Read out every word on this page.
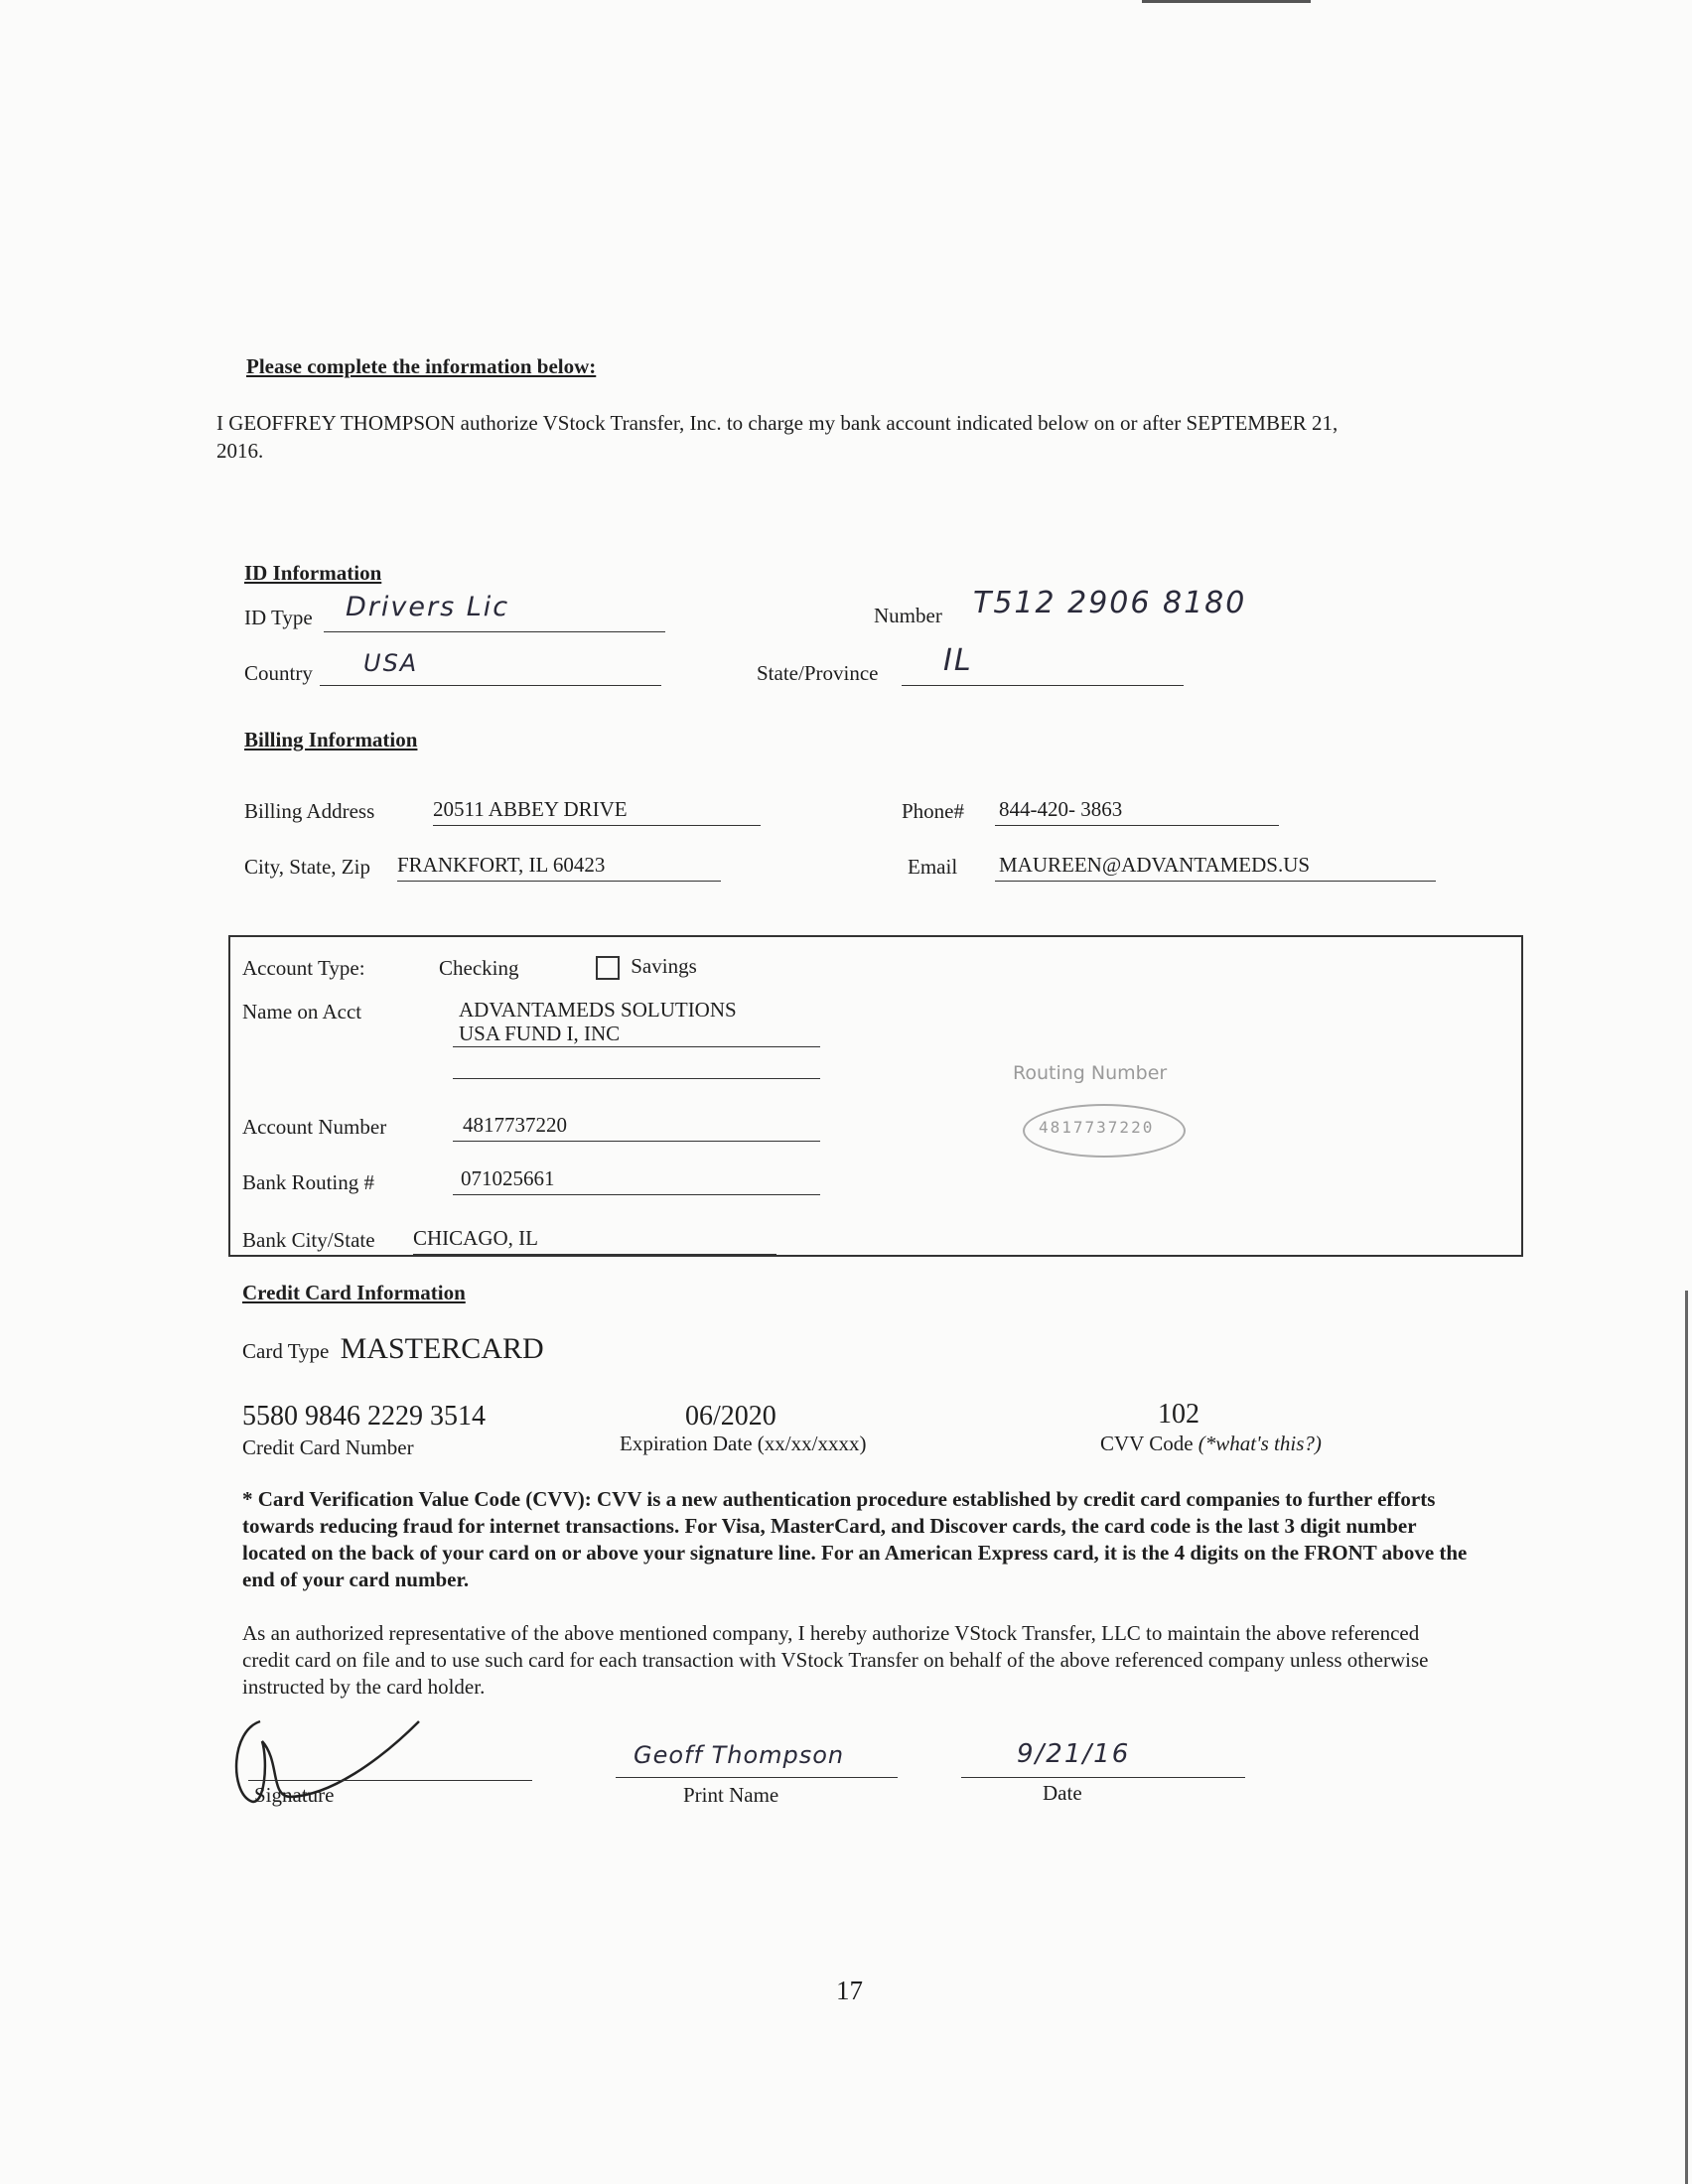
Please complete the information below:
I GEOFFREY THOMPSON authorize VStock Transfer, Inc. to charge my bank account indicated below on or after SEPTEMBER 21,
2016.
ID Information
ID Type Drivers Lic	Number T512 2906 8180
Country USA	State/Province IL
Billing Information
Billing Address	20511 ABBEY DRIVE	Phone# 844-420- 3863
City, State, Zip FRANKFORT, IL 60423	Email MAUREEN@ADVANTAMEDS.US
Account Type:	Checking	Savings
Name on Acct	ADVANTAMEDS SOLUTIONS
USA FUND I, INC
Account Number	4817737220
Bank Routing #	071025661
Bank City/State CHICAGO, IL
Routing Number
4817737220
Credit Card Information
Card Type MASTERCARD
5580 9846 2229 3514
Credit Card Number
06/2020
Expiration Date (xx/xx/xxxx)
102
CVV Code (*what's this?)
* Card Verification Value Code (CVV): CVV is a new authentication procedure established by credit card companies to further efforts towards reducing fraud for internet transactions. For Visa, MasterCard, and Discover cards, the card code is the last 3 digit number located on the back of your card on or above your signature line. For an American Express card, it is the 4 digits on the FRONT above the end of your card number.
As an authorized representative of the above mentioned company, I hereby authorize VStock Transfer, LLC to maintain the above referenced credit card on file and to use such card for each transaction with VStock Transfer on behalf of the above referenced company unless otherwise instructed by the card holder.
Signature
Geoff Thompson
Print Name
9/21/16
Date
17
